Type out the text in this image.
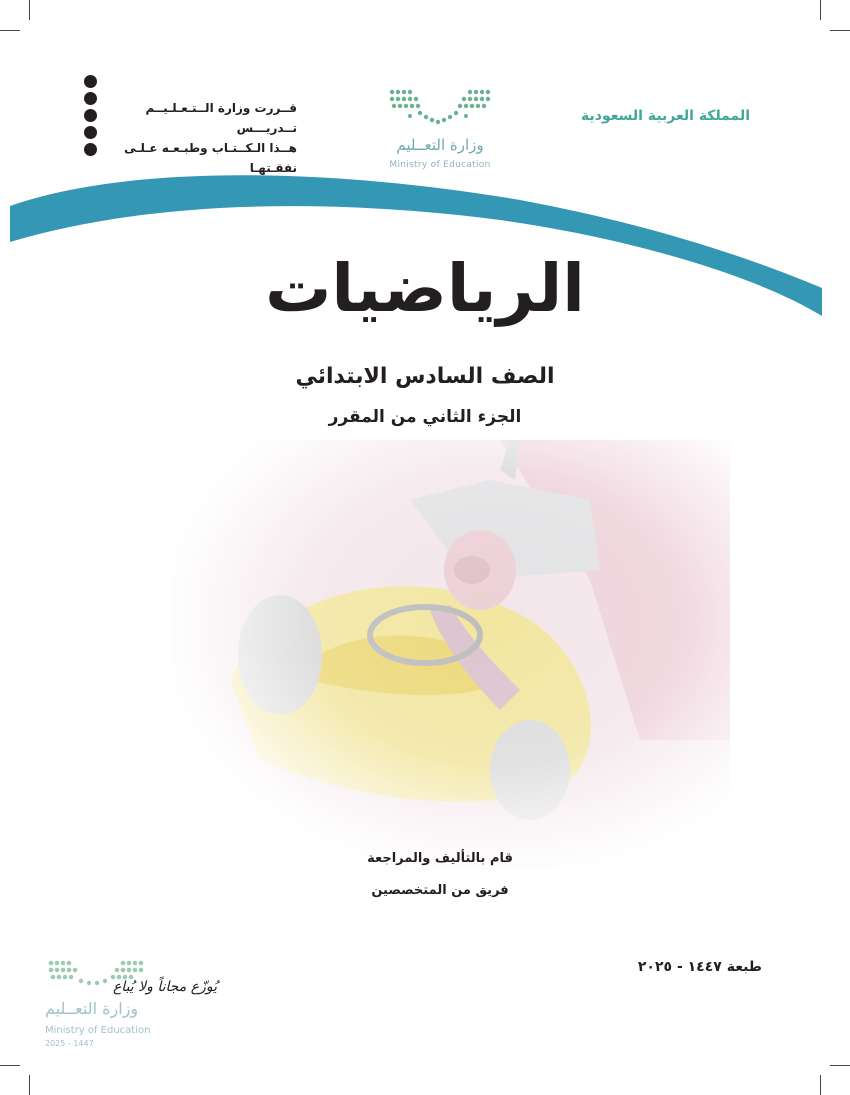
قــررت وزارة الــتـعـلـيــم تــدريـــس
هــذا الـكــتـاب وطبـعـه عـلـى نفقـتهـا
وزارة التعــليم
Ministry of Education
المملكة العربية السعودية
الرياضيات
الصف السادس الابتدائي
الجزء الثاني من المقرر
قام بالتأليف والمراجعة
فريق من المتخصصين
طبعة ١٤٤٧ - ٢٠٢٥
يُوزّع مجاناً ولا يُباع
وزارة التعــليم
Ministry of Education
2025 - 1447
